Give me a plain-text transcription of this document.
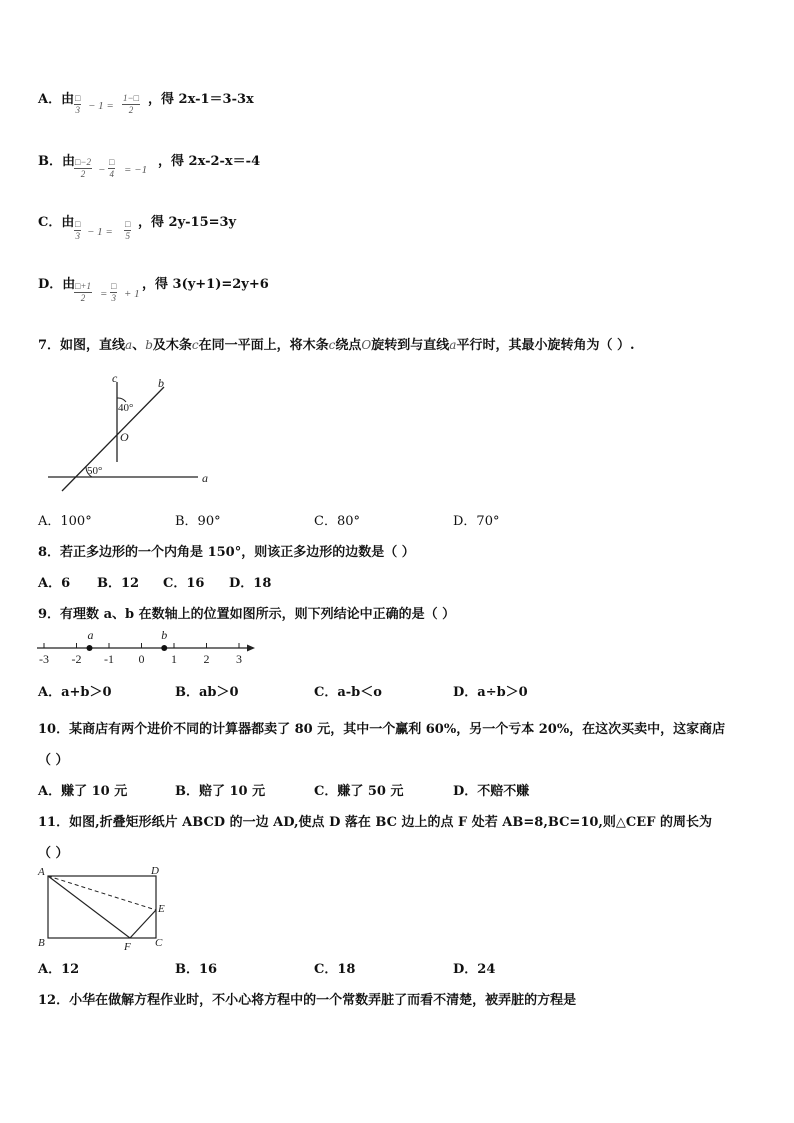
A．由 □
$3 - 1 = \frac{1-□}{2}$ ，得 2x-1＝3-3x
B．由 $\frac{□-2}{2}$ −
□
4 = −1
，得 2x-2-x＝-4
C．由 □
3 − 1 =
□
5
，得 2y-15=3y
D．由
$\frac{□+1}{2}$ =
□
3 + 1
，得 3(y+1)=2y+6
7．如图，直线a、b及木条c在同一平面上，将木条c绕点O旋转到与直线a平行时，其最小旋转角为（ ）.
c	b
a
O
40°
50°
A．100°	B．90°	C．80°	D．70°
8．若正多边形的一个内角是 150°，则该正多边形的边数是（ ）
A．6 B．12 C．16 D．18
9．有理数 a、b 在数轴上的位置如图所示，则下列结论中正确的是（ ）
-3 -2 -1 0 1 2 3
a	b
A．a+b＞0	B．ab＞0	C．a-b＜o	D．a÷b＞0
10．某商店有两个进价不同的计算器都卖了 80 元，其中一个赢利 60%，另一个亏本 20%，在这次买卖中，这家商店
（ ）
A．赚了 10 元	B．赔了 10 元	C．赚了 50 元	D．不赔不赚
11．如图,折叠矩形纸片 ABCD 的一边 AD,使点 D 落在 BC 边上的点 F 处若 AB=8,BC=10,则△CEF 的周长为
（ ）
A	D
B	F C
E
A．12	B．16	C．18	D．24
12．小华在做解方程作业时，不小心将方程中的一个常数弄脏了而看不清楚，被弄脏的方程是
